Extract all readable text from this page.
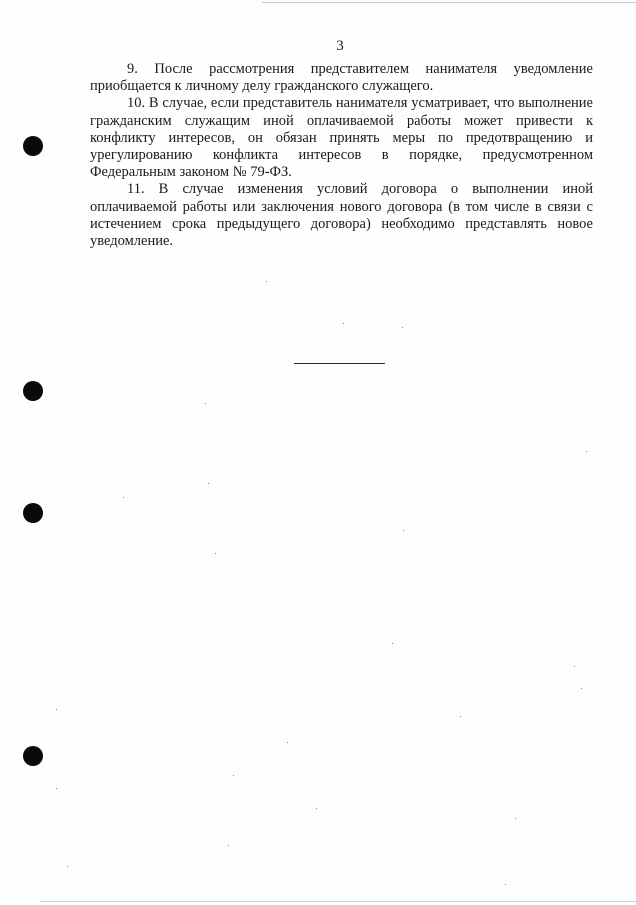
3

9. После рассмотрения представителем нанимателя уведомление приобщается к личному делу гражданского служащего.

10. В случае, если представитель нанимателя усматривает, что выполнение гражданским служащим иной оплачиваемой работы может привести к конфликту интересов, он обязан принять меры по предотвращению и урегулированию конфликта интересов в порядке, предусмотренном Федеральным законом № 79-ФЗ.

11. В случае изменения условий договора о выполнении иной оплачиваемой работы или заключения нового договора (в том числе в связи с истечением срока предыдущего договора) необходимо представлять новое уведомление.
